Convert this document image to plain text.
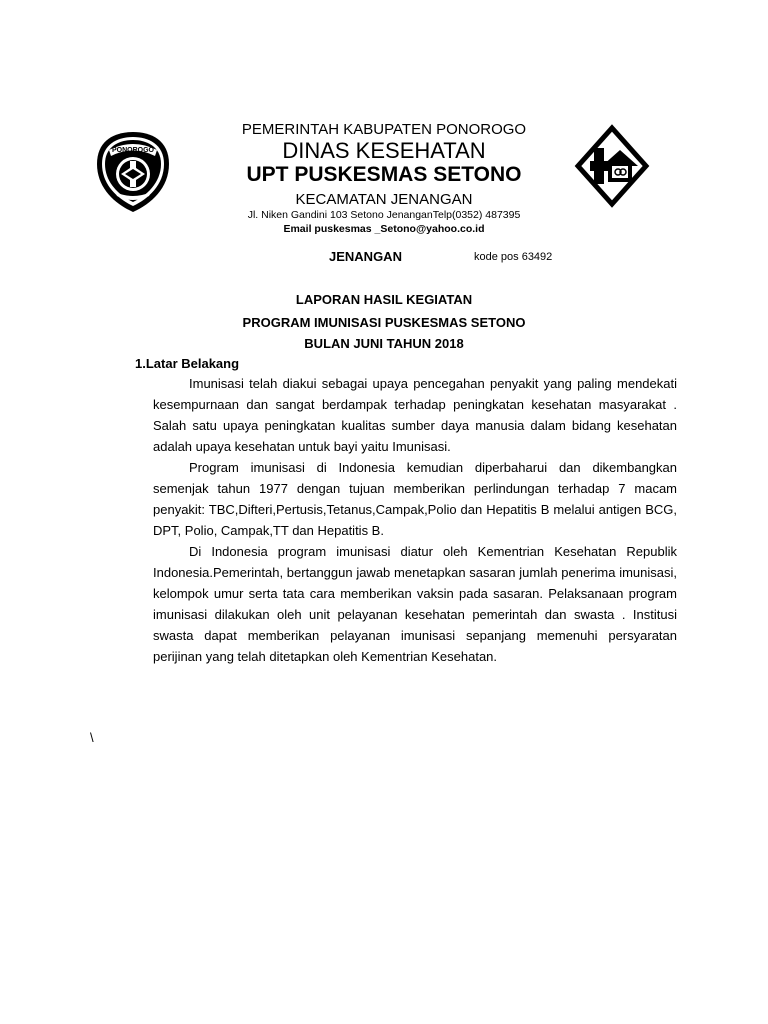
PONOROGO
PEMERINTAH KABUPATEN PONOROGO
DINAS KESEHATAN
UPT PUSKESMAS SETONO
KECAMATAN JENANGAN
Jl. Niken Gandini 103 Setono JenanganTelp(0352) 487395
Email puskesmas _Setono@yahoo.co.id
JENANGAN	kode pos 63492
LAPORAN HASIL KEGIATAN
PROGRAM IMUNISASI PUSKESMAS SETONO
BULAN JUNI TAHUN 2018
1.Latar Belakang

Imunisasi telah diakui sebagai upaya pencegahan penyakit yang paling mendekati kesempurnaan dan sangat berdampak terhadap peningkatan kesehatan masyarakat . Salah satu upaya peningkatan kualitas sumber daya manusia dalam bidang kesehatan adalah upaya kesehatan untuk bayi yaitu Imunisasi.

Program imunisasi di Indonesia kemudian diperbaharui dan dikembangkan semenjak tahun 1977 dengan tujuan memberikan perlindungan terhadap 7 macam penyakit: TBC,Difteri,Pertusis,Tetanus,Campak,Polio dan Hepatitis B melalui antigen BCG, DPT, Polio, Campak,TT dan Hepatitis B.

Di Indonesia program imunisasi diatur oleh Kementrian Kesehatan Republik Indonesia.Pemerintah, bertanggun jawab menetapkan sasaran jumlah penerima imunisasi, kelompok umur serta tata cara memberikan vaksin pada sasaran. Pelaksanaan program imunisasi dilakukan oleh unit pelayanan kesehatan pemerintah dan swasta . Institusi swasta dapat memberikan pelayanan imunisasi sepanjang memenuhi persyaratan perijinan yang telah ditetapkan oleh Kementrian Kesehatan.

\
